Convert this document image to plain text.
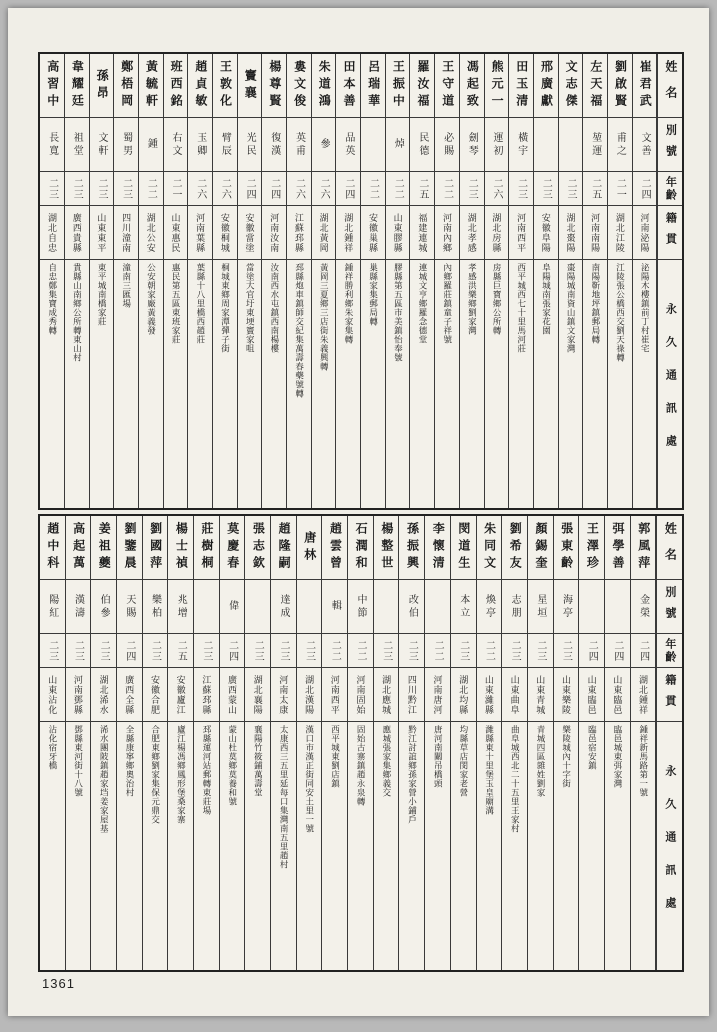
姓名
別號
年齡
籍貫
永久通訊處
崔君武
文善
二四
河南泌陽
泌陽木樓鎮前丁村崔宅
劉啟賢
甫之
二一
湖北江陵
江陵張公橋西交劉天祿轉
左天福
堃運
二五
河南南陽
南陽靳地坪鎮郵局轉
文志傑
二三
湖北棗陽
棗陽城南資山鎮文家灣
邢廣獻
二三
安徽阜陽
阜陽城南張家花園
田玉清
橫宇
二三
河南西平
西平城西七十里馬河莊
熊元一
運初
二六
湖北房縣
房縣巨寶鄉公所轉
馮起致
劍琴
二三
湖北孝感
孝感洪樂鄉劉家灣
王守道
必賜
二二
河南內鄉
內鄉羅莊鎮童子祥號
羅汝福
民德
二五
福建連城
連城文亨鄉羅念德堂
王振中
焯
二二
山東膠縣
膠縣第五區市美鎮怡奉號
呂瑞華
二二
安徽巢縣
巢縣家集郵局轉
田本善
品英
二四
湖北鍾祥
鍾祥勝利鄉朱家集轉
朱道鴻
參
二六
湖北黃岡
黃岡三夏鄉三店街朱義興轉
婁文俊
英甫
二六
江蘇邳縣
邳縣炮車鎮師交紀集萬壽春藥號轉
楊尊賢
復漢
二四
河南汝南
汝南西水屯鎮西南楊樓
竇襄
光民
二四
安徽當塗
當塗大官圩東埂竇家咀
王敦化
臂辰
二六
安徽桐城
桐城東鄉周家潭彈子街
趙貞敏
玉卿
二六
河南葉縣
葉縣十八里橋西趙莊
班西銘
右文
二一
山東惠民
惠民第五區東班家莊
黃毓軒
鍾
二二
湖北公安
公安朝家廠黃義發
鄭梧岡
蜀男
二三
四川潼南
潼南三匯場
孫昂
文軒
二三
山東東平
東平城南橋家莊
韋耀廷
祖堂
二三
廣西貴縣
貴縣山南鄉公所轉東山村
高習中
長寬
二三
湖北自忠
自忠鄭集寶成秀轉
姓名
別號
年齡
籍貫
永久通訊處
郭風萍
金榮
二四
湖北鍾祥
鍾祥新馬路第一號
弭學善
二四
山東臨邑
臨邑城東弭家灣
王澤珍
二四
山東臨邑
臨邑宿安鎮
張東齡
海亭
二三
山東樂陵
樂陵城內十字街
顏錫奎
星垣
二三
山東青城
青城四區雜姓劉家
劉希友
志朋
二三
山東曲阜
曲阜城西北二十五里王家村
朱同文
煥亭
二二
山東濰縣
濰縣東十里堡玉皇廟溝
閔道生
本立
二三
湖北均縣
均縣草店閔家老營
李懷清
二二
河南唐河
唐河南關吊橋頭
孫振興
改伯
二三
四川黔江
黔江討誼鄉孫家營小鋪戶
楊整世
二三
湖北應城
應城張家集鄉義交
石潤和
中節
二二
河南固始
固始古寨鎮趙永泉轉
趙雲曾
輯
二二
河南西平
西平城東劉店鎮
唐林
二三
湖北漢陽
漢口市漢正街同安土里一號
趙隆嗣
達成
二三
河南太康
太康西三五里延每口集灣南五里趙村
張志欽
二三
湖北襄陽
襄陽竹筱鋪萬壽堂
莫慶春
偉
二四
廣西蒙山
蒙山杜莫鄉莫養和號
莊樹桐
二三
江蘇邳縣
邳縣運河站郵轉東莊場
楊士禎
兆增
二五
安徽廬江
廬江楊馮鄉鳳形堡桑家寨
劉國萍
樂柏
二三
安徽合肥
合肥東鄉劉家集保元鼎交
劉鑒晨
天賜
二四
廣西全縣
全縣康寧鄉奧治村
姜祖夔
伯參
二三
湖北浠水
浠水團陂鎮趙家垱姜家屋基
高起萬
漢濤
二三
河南鄧縣
鄧縣東河街十八號
趙中科
陽紅
二三
山東沾化
沾化宿牙橋
1361
